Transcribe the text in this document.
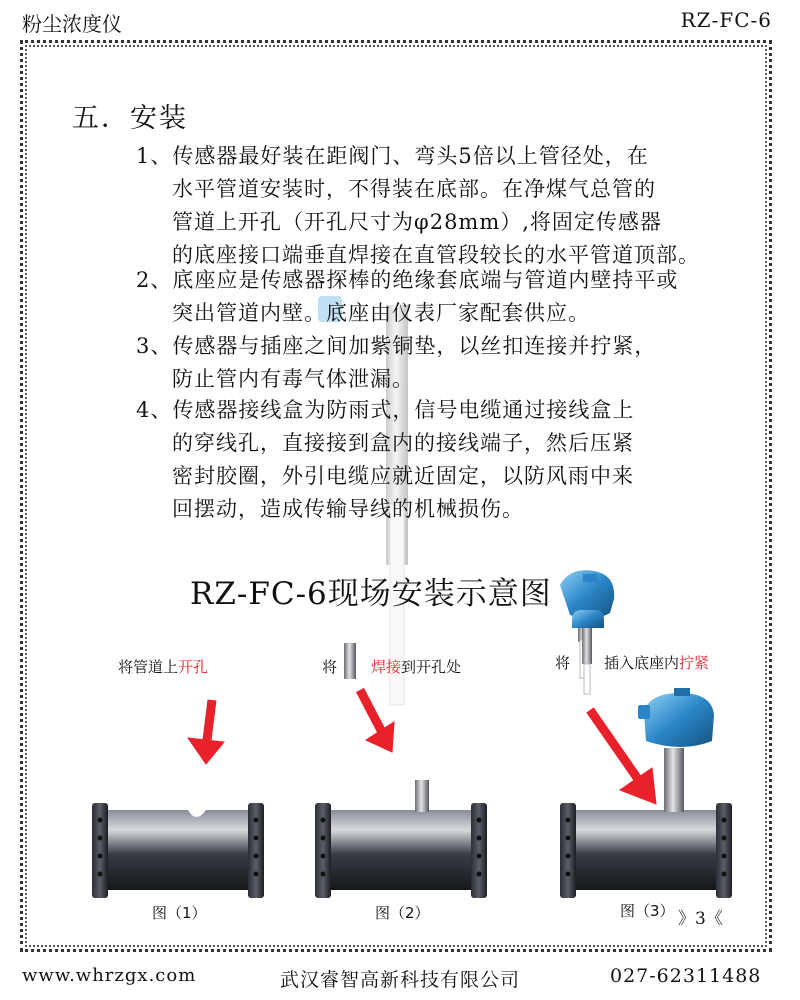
粉尘浓度仪	RZ-FC-6
五．安装

1、传感器最好装在距阀门、弯头5倍以上管径处，在
水平管道安装时，不得装在底部。在净煤气总管的
管道上开孔（开孔尺寸为φ28mm）,将固定传感器
的底座接口端垂直焊接在直管段较长的水平管道顶部。

2、底座应是传感器探棒的绝缘套底端与管道内壁持平或
突出管道内壁。底座由仪表厂家配套供应。

3、传感器与插座之间加紫铜垫，以丝扣连接并拧紧，
防止管内有毒气体泄漏。

4、传感器接线盒为防雨式，信号电缆通过接线盒上
的穿线孔，直接接到盒内的接线端子，然后压紧
密封胶圈，外引电缆应就近固定，以防风雨中来
回摆动，造成传输导线的机械损伤。

RZ-FC-6现场安装示意图
将管道上开孔	将 焊接到开孔处	将 插入底座内拧紧
图（1）	图（2）	图（3） 》3《
www.whrzgx.com	武汉睿智高新科技有限公司	027-62311488
